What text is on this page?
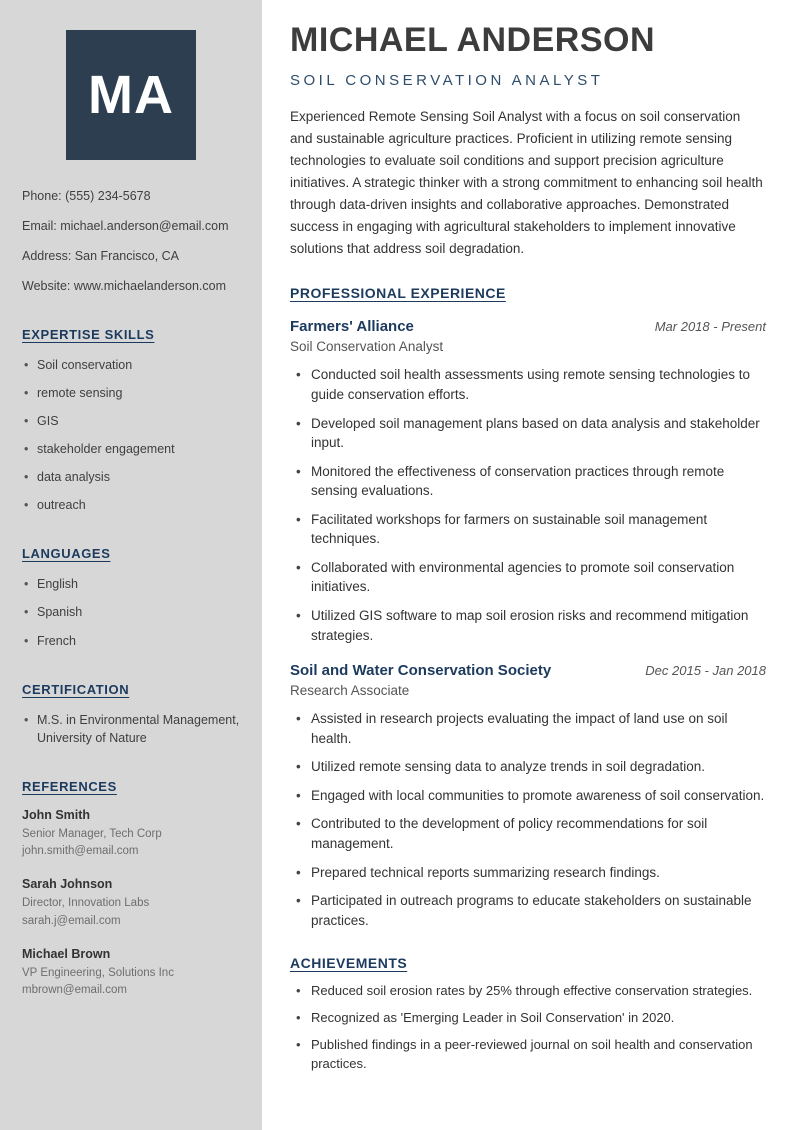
MA
Phone: (555) 234-5678
Email: michael.anderson@email.com
Address: San Francisco, CA
Website: www.michaelanderson.com
EXPERTISE SKILLS
• Soil conservation
• remote sensing
• GIS
• stakeholder engagement
• data analysis
• outreach
LANGUAGES
• English
• Spanish
• French
CERTIFICATION
• M.S. in Environmental Management, University of Nature
REFERENCES
John Smith
Senior Manager, Tech Corp
john.smith@email.com
Sarah Johnson
Director, Innovation Labs
sarah.j@email.com
Michael Brown
VP Engineering, Solutions Inc
mbrown@email.com
MICHAEL ANDERSON
SOIL CONSERVATION ANALYST

Experienced Remote Sensing Soil Analyst with a focus on soil conservation and sustainable agriculture practices. Proficient in utilizing remote sensing technologies to evaluate soil conditions and support precision agriculture initiatives. A strategic thinker with a strong commitment to enhancing soil health through data-driven insights and collaborative approaches. Demonstrated success in engaging with agricultural stakeholders to implement innovative solutions that address soil degradation.

PROFESSIONAL EXPERIENCE
Farmers' Alliance	Mar 2018 - Present
Soil Conservation Analyst
• Conducted soil health assessments using remote sensing technologies to guide conservation efforts.
• Developed soil management plans based on data analysis and stakeholder input.
• Monitored the effectiveness of conservation practices through remote sensing evaluations.
• Facilitated workshops for farmers on sustainable soil management techniques.
• Collaborated with environmental agencies to promote soil conservation initiatives.
• Utilized GIS software to map soil erosion risks and recommend mitigation strategies.
Soil and Water Conservation Society	Dec 2015 - Jan 2018
Research Associate
• Assisted in research projects evaluating the impact of land use on soil health.
• Utilized remote sensing data to analyze trends in soil degradation.
• Engaged with local communities to promote awareness of soil conservation.
• Contributed to the development of policy recommendations for soil management.
• Prepared technical reports summarizing research findings.
• Participated in outreach programs to educate stakeholders on sustainable practices.
ACHIEVEMENTS
• Reduced soil erosion rates by 25% through effective conservation strategies.
• Recognized as 'Emerging Leader in Soil Conservation' in 2020.
• Published findings in a peer-reviewed journal on soil health and conservation practices.
